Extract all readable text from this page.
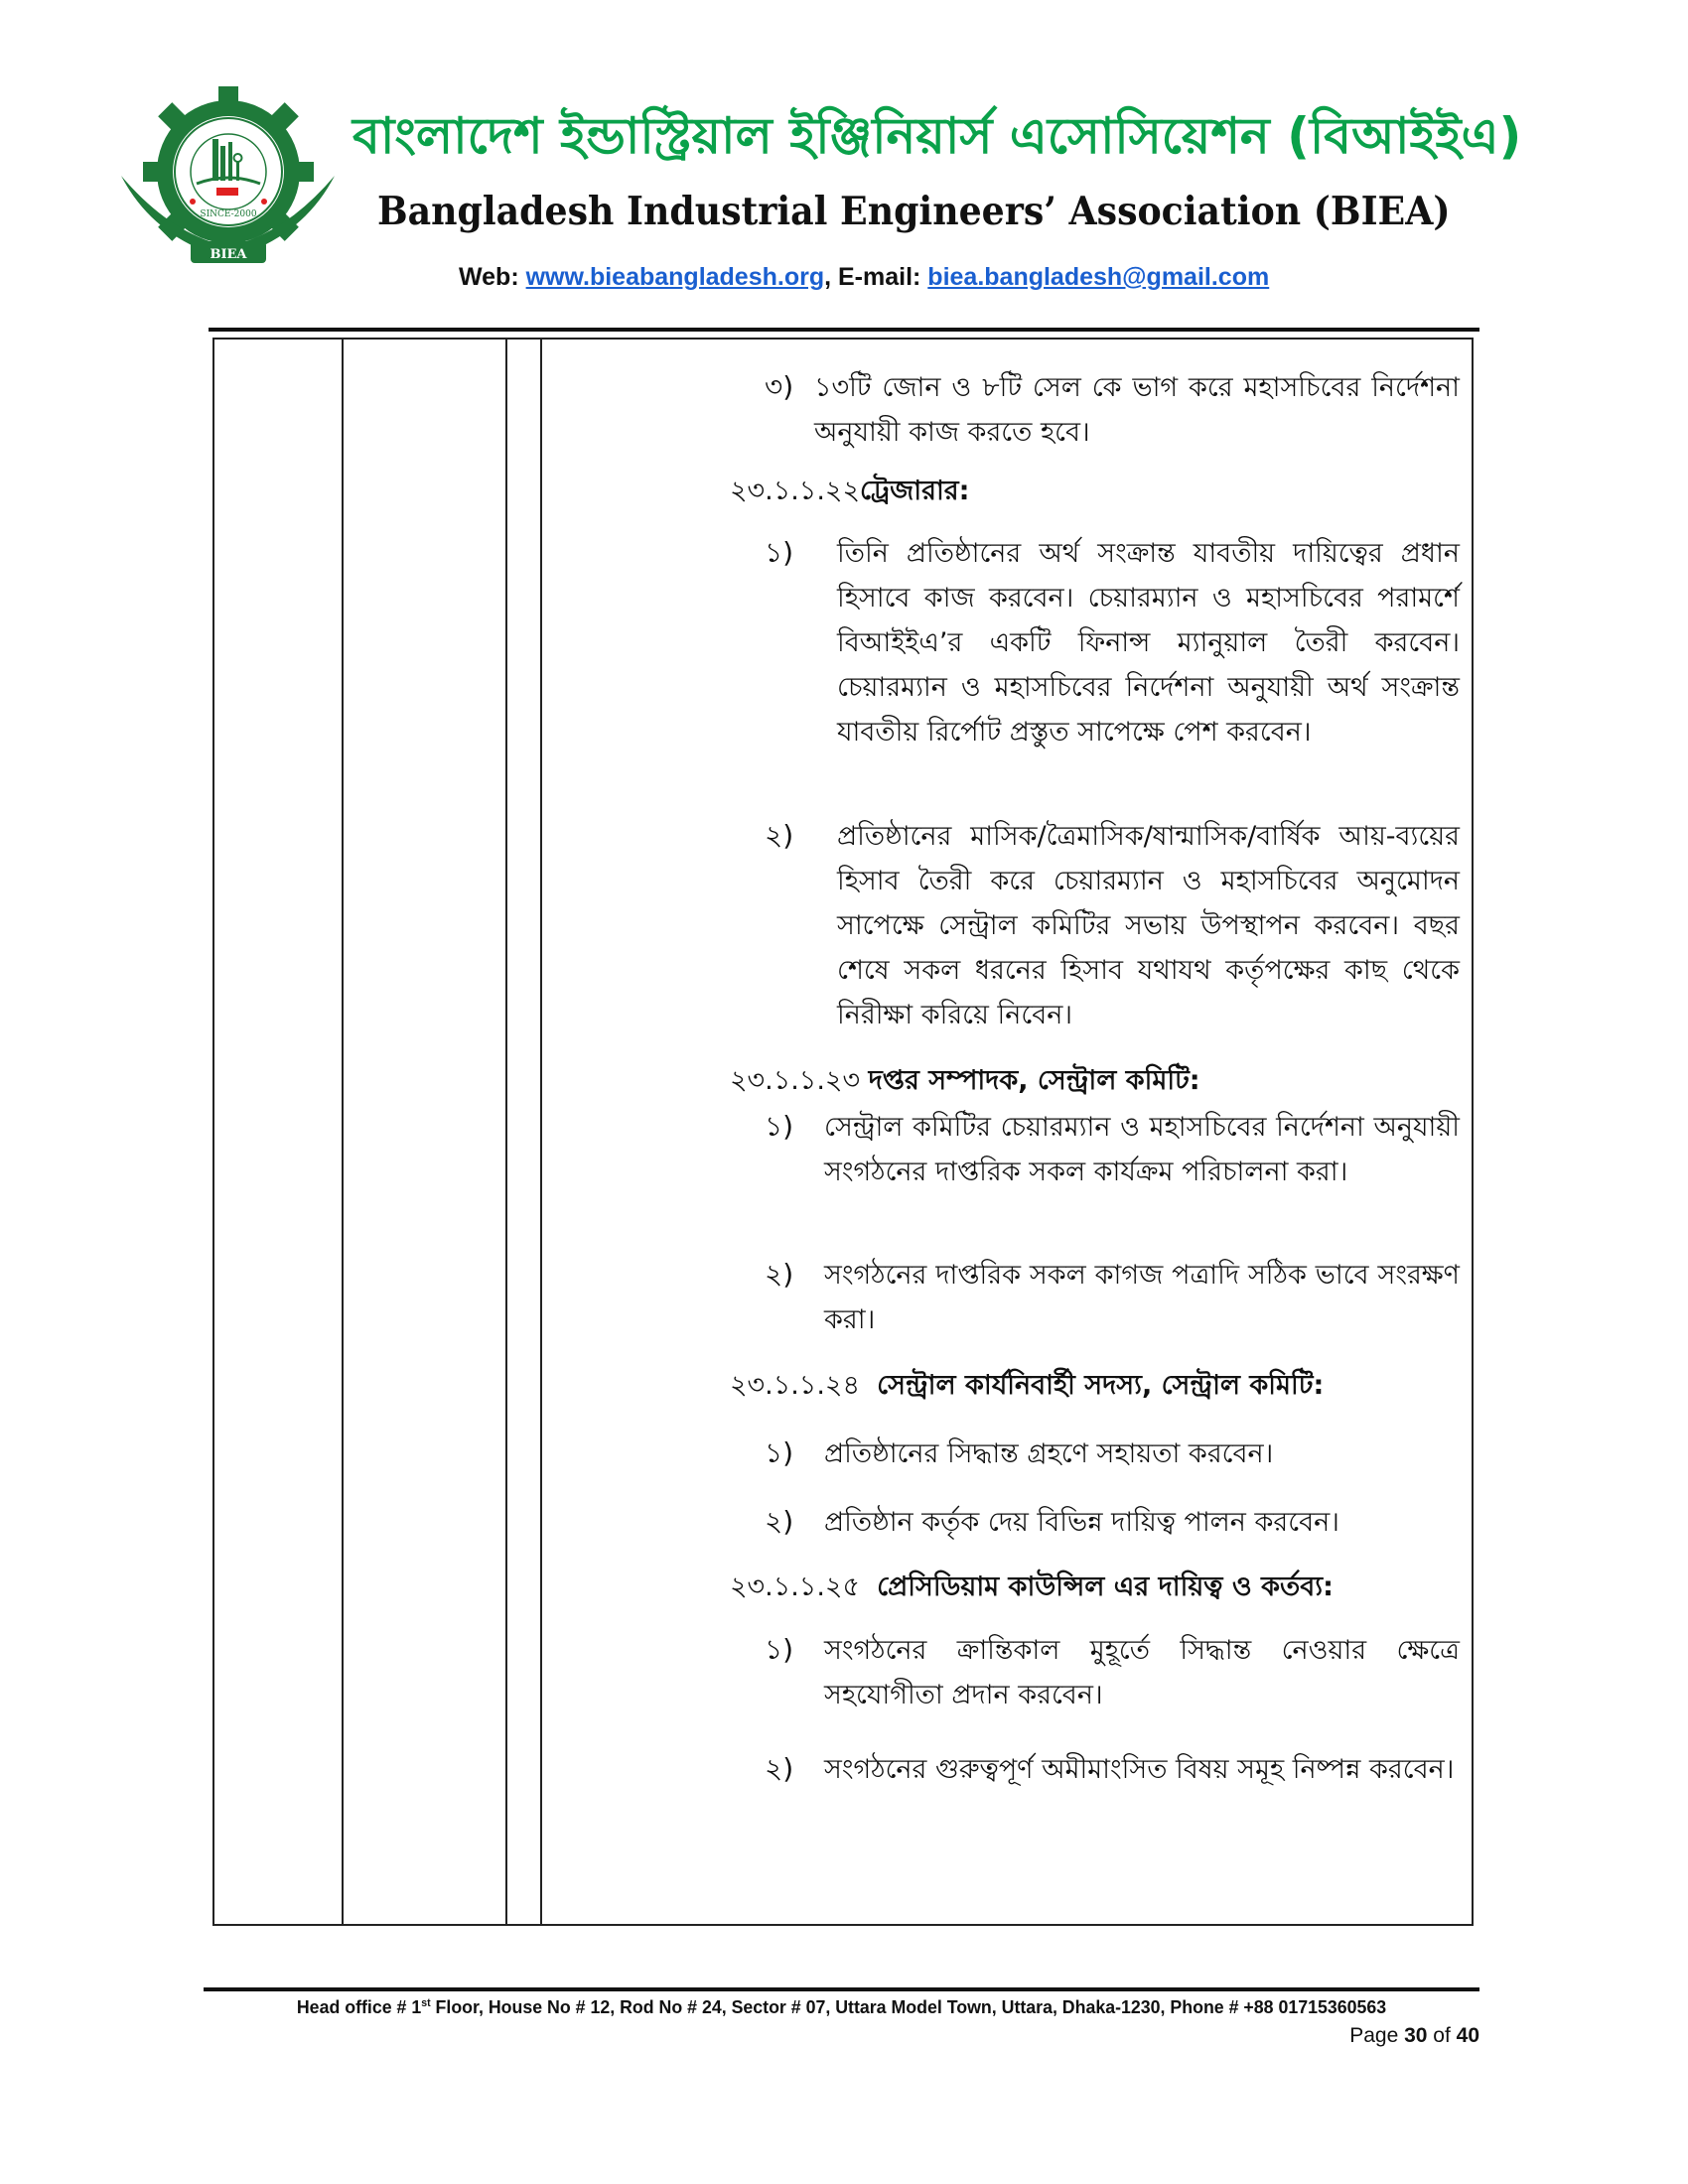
SINCE-2000
BIEA
বাংলাদেশ ইন্ডাস্ট্রিয়াল ইঞ্জিনিয়ার্স এসোসিয়েশন (বিআইইএ)
Bangladesh Industrial Engineers’ Association (BIEA)
Web: www.bieabangladesh.org, E-mail: biea.bangladesh@gmail.com
৩) ১৩টি জোন ও ৮টি সেল কে ভাগ করে মহাসচিবের নির্দেশনা অনুযায়ী কাজ করতে হবে।
২৩.১.১.২২ট্রেজারার:
১) তিনি প্রতিষ্ঠানের অর্থ সংক্রান্ত যাবতীয় দায়িত্বের প্রধান হিসাবে কাজ করবেন। চেয়ারম্যান ও মহাসচিবের পরামর্শে বিআইইএ’র একটি ফিনান্স ম্যানুয়াল তৈরী করবেন। চেয়ারম্যান ও মহাসচিবের নির্দেশনা অনুযায়ী অর্থ সংক্রান্ত যাবতীয় রির্পোট প্রস্তুত সাপেক্ষে পেশ করবেন।
২) প্রতিষ্ঠানের মাসিক/ত্রৈমাসিক/ষান্মাসিক/বার্ষিক আয়-ব্যয়ের হিসাব তৈরী করে চেয়ারম্যান ও মহাসচিবের অনুমোদন সাপেক্ষে সেন্ট্রাল কমিটির সভায় উপস্থাপন করবেন। বছর শেষে সকল ধরনের হিসাব যথাযথ কর্তৃপক্ষের কাছ থেকে নিরীক্ষা করিয়ে নিবেন।
২৩.১.১.২৩ দপ্তর সম্পাদক, সেন্ট্রাল কমিটি:
১) সেন্ট্রাল কমিটির চেয়ারম্যান ও মহাসচিবের নির্দেশনা অনুযায়ী সংগঠনের দাপ্তরিক সকল কার্যক্রম পরিচালনা করা।
২) সংগঠনের দাপ্তরিক সকল কাগজ পত্রাদি সঠিক ভাবে সংরক্ষণ করা।
২৩.১.১.২৪ সেন্ট্রাল কার্যনিবার্হী সদস্য, সেন্ট্রাল কমিটি:
১) প্রতিষ্ঠানের সিদ্ধান্ত গ্রহণে সহায়তা করবেন।
২) প্রতিষ্ঠান কর্তৃক দেয় বিভিন্ন দায়িত্ব পালন করবেন।
২৩.১.১.২৫ প্রেসিডিয়াম কাউন্সিল এর দায়িত্ব ও কর্তব্য:
১) সংগঠনের ক্রান্তিকাল মুহূর্তে সিদ্ধান্ত নেওয়ার ক্ষেত্রে সহযোগীতা প্রদান করবেন।
২) সংগঠনের গুরুত্বপূর্ণ অমীমাংসিত বিষয় সমূহ নিষ্পন্ন করবেন।
Head office # 1st Floor, House No # 12, Rod No # 24, Sector # 07, Uttara Model Town, Uttara, Dhaka-1230, Phone # +88 01715360563
Page 30 of 40
